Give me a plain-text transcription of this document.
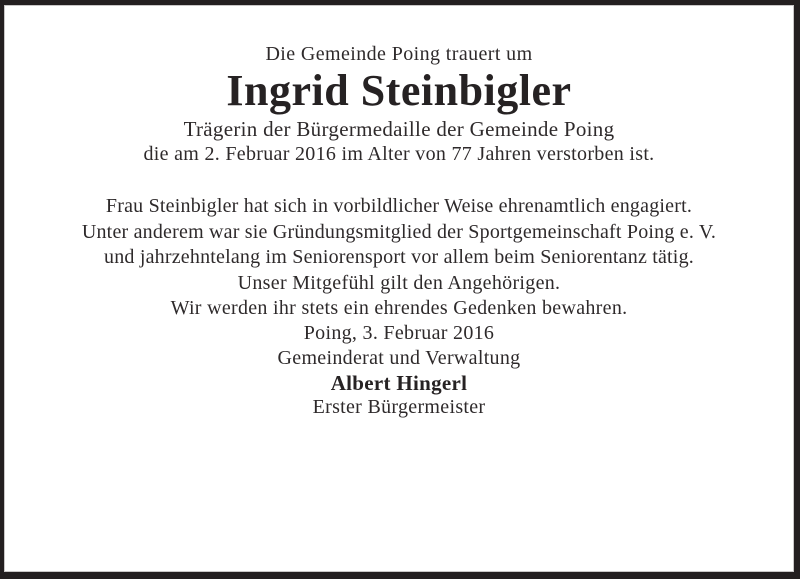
Die Gemeinde Poing trauert um

Ingrid Steinbigler

Trägerin der Bürgermedaille der Gemeinde Poing

die am 2. Februar 2016 im Alter von 77 Jahren verstorben ist.

Frau Steinbigler hat sich in vorbildlicher Weise ehrenamtlich engagiert.

Unter anderem war sie Gründungsmitglied der Sportgemeinschaft Poing e. V.

und jahrzehntelang im Seniorensport vor allem beim Seniorentanz tätig.

Unser Mitgefühl gilt den Angehörigen.

Wir werden ihr stets ein ehrendes Gedenken bewahren.

Poing, 3. Februar 2016

Gemeinderat und Verwaltung

Albert Hingerl

Erster Bürgermeister
